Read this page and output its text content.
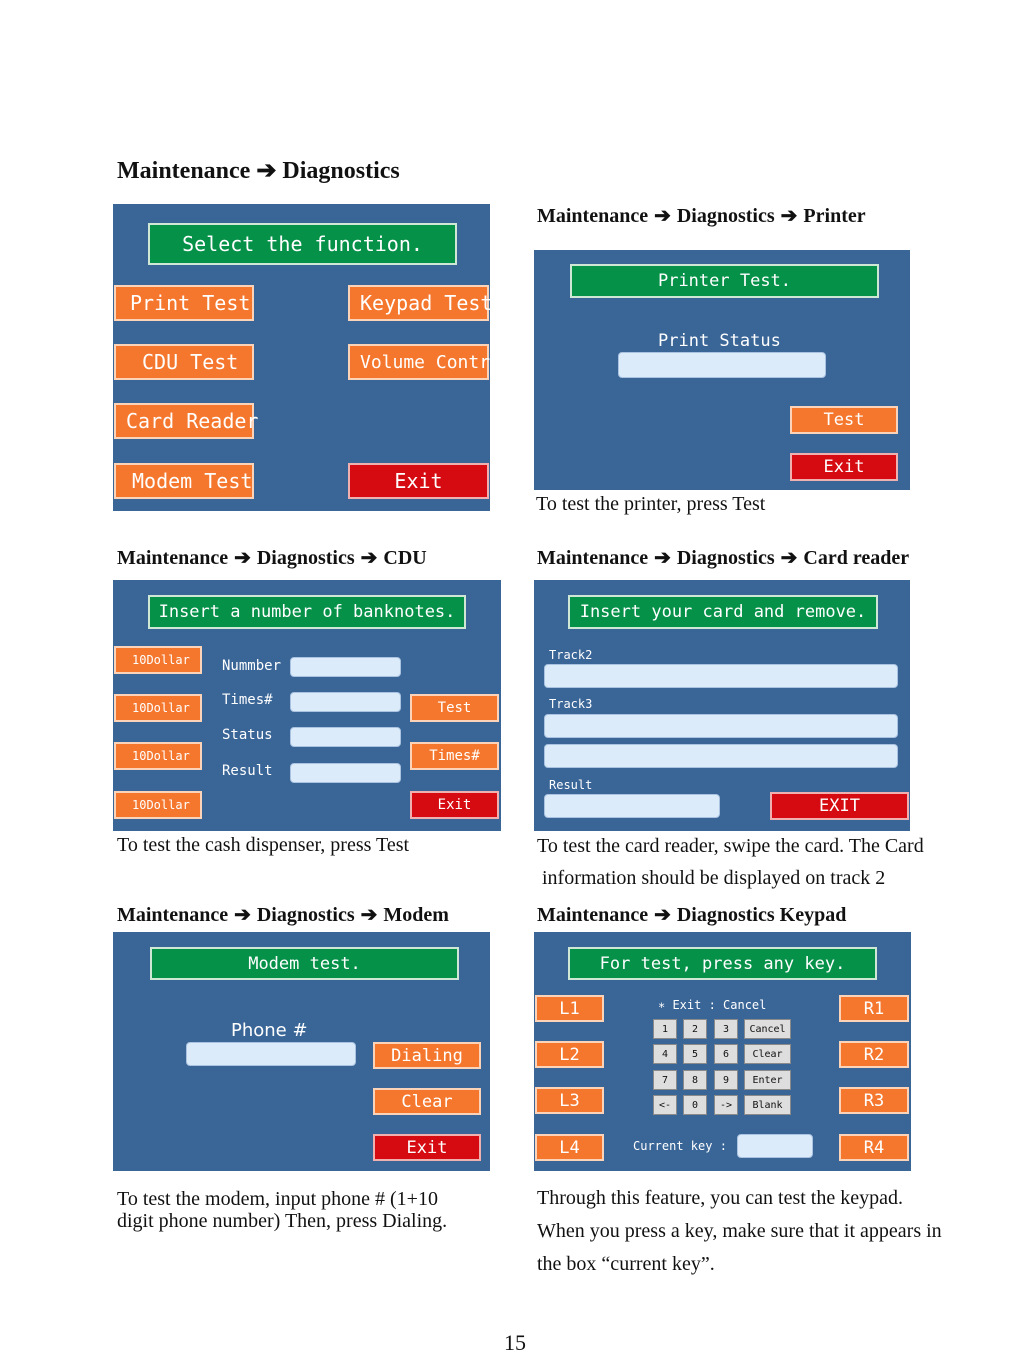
Maintenance ➔ Diagnostics
Select the function.
Print Test	Keypad Test
CDU Test	Volume Control
Card Reader
Modem Test	Exit
Maintenance ➔ Diagnostics ➔ Printer
Printer Test.
Print Status
Test
Exit
To test the printer, press Test
Maintenance ➔ Diagnostics ➔ CDU
Insert a number of banknotes.
10Dollar
10Dollar
10Dollar
10Dollar
Nummber
Times#
Status
Result
Test
Times#
Exit
To test the cash dispenser, press Test
Maintenance ➔ Diagnostics ➔ Card reader
Insert your card and remove.
Track2
Track3
Result
EXIT
To test the card reader, swipe the card. The Card
information should be displayed on track 2
Maintenance ➔ Diagnostics ➔ Modem
Modem test.
Phone #
Dialing
Clear
Exit
To test the modem, input phone # (1+10
digit phone number) Then, press Dialing.
Maintenance ➔ Diagnostics Keypad
For test, press any key.
∗ Exit : Cancel
L1
L2
L3
L4
R1
R2
R3
R4
1	2	3	Cancel
4	5	6	Clear
7	8	9	Enter
<-	0	->	Blank
Current key :
Through this feature, you can test the keypad.
When you press a key, make sure that it appears in
the box “current key”.
15
